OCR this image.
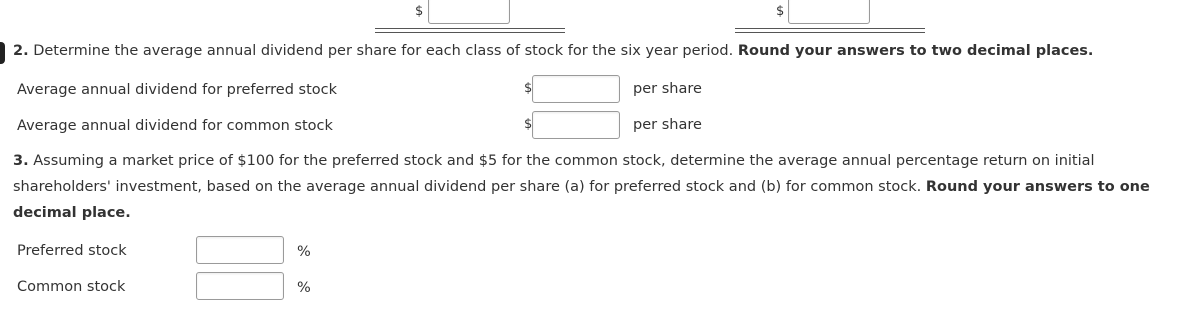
$	$
2. Determine the average annual dividend per share for each class of stock for the six year period. Round your answers to two decimal places.
Average annual dividend for preferred stock	$	per share
Average annual dividend for common stock	$	per share
3. Assuming a market price of $100 for the preferred stock and $5 for the common stock, determine the average annual percentage return on initial shareholders' investment, based on the average annual dividend per share (a) for preferred stock and (b) for common stock. Round your answers to one decimal place.
Preferred stock	%
Common stock	%
